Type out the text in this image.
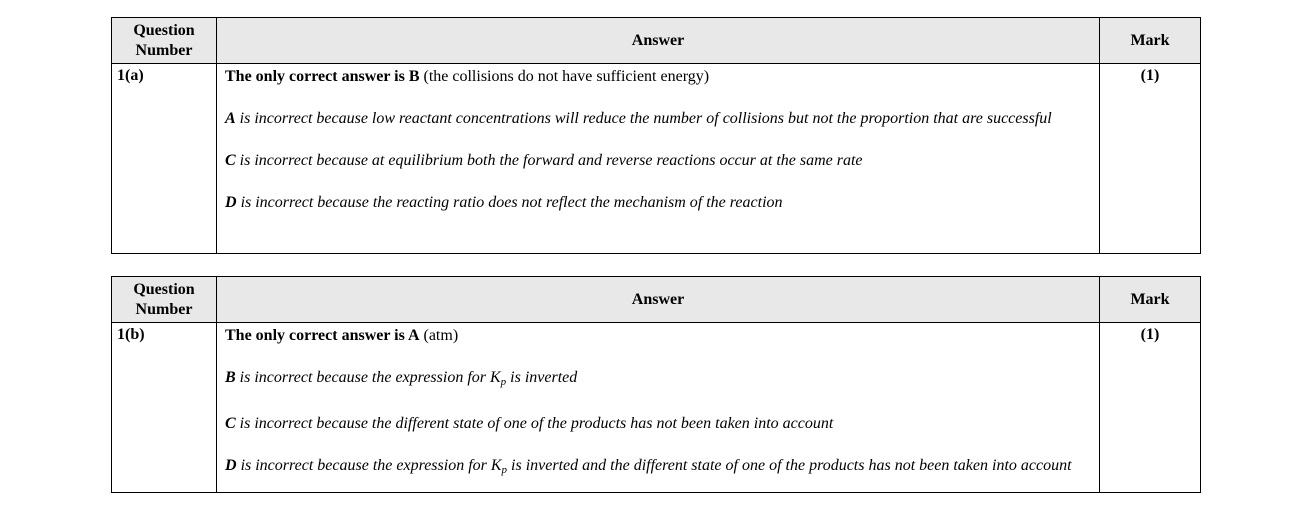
Question Number	Answer	Mark
1(a)	The only correct answer is B (the collisions do not have sufficient energy)

A is incorrect because low reactant concentrations will reduce the number of collisions but not the proportion that are successful

C is incorrect because at equilibrium both the forward and reverse reactions occur at the same rate

D is incorrect because the reacting ratio does not reflect the mechanism of the reaction	(1)
Question Number	Answer	Mark
1(b)	The only correct answer is A (atm)

B is incorrect because the expression for $K_p$ is inverted

C is incorrect because the different state of one of the products has not been taken into account

D is incorrect because the expression for $K_p$ is inverted and the different state of one of the products has not been taken into account	(1)
